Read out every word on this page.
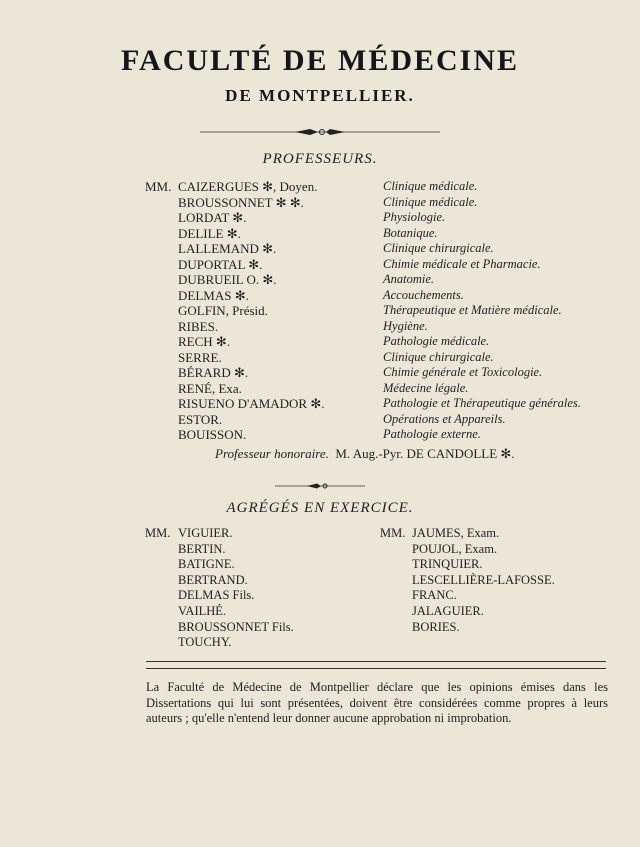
FACULTÉ DE MÉDECINE
DE MONTPELLIER.
PROFESSEURS.
MM. CAIZERGUES ✻, Doyen.	Clinique médicale.
BROUSSONNET ✻ ✻.	Clinique médicale.
LORDAT ✻.	Physiologie.
DELILE ✻.	Botanique.
LALLEMAND ✻.	Clinique chirurgicale.
DUPORTAL ✻.	Chimie médicale et Pharmacie.
DUBRUEIL O. ✻.	Anatomie.
DELMAS ✻.	Accouchements.
GOLFIN, Présid.	Thérapeutique et Matière médicale.
RIBES.	Hygiène.
RECH ✻.	Pathologie médicale.
SERRE.	Clinique chirurgicale.
BÉRARD ✻.	Chimie générale et Toxicologie.
RENÉ, Exa.	Médecine légale.
RISUENO D'AMADOR ✻.	Pathologie et Thérapeutique générales.
ESTOR.	Opérations et Appareils.
BOUISSON.	Pathologie externe.
Professeur honoraire. M. Aug.-Pyr. DE CANDOLLE ✻.
AGRÉGÉS EN EXERCICE.
MM. VIGUIER.
BERTIN.
BATIGNE.
BERTRAND.
DELMAS Fils.
VAILHÉ.
BROUSSONNET Fils.
TOUCHY.
MM. JAUMES, Exam.
POUJOL, Exam.
TRINQUIER.
LESCELLIÈRE-LAFOSSE.
FRANC.
JALAGUIER.
BORIES.
La Faculté de Médecine de Montpellier déclare que les opinions émises dans les Dissertations qui lui sont présentées, doivent être considérées comme propres à leurs auteurs ; qu'elle n'entend leur donner aucune approbation ni improbation.
